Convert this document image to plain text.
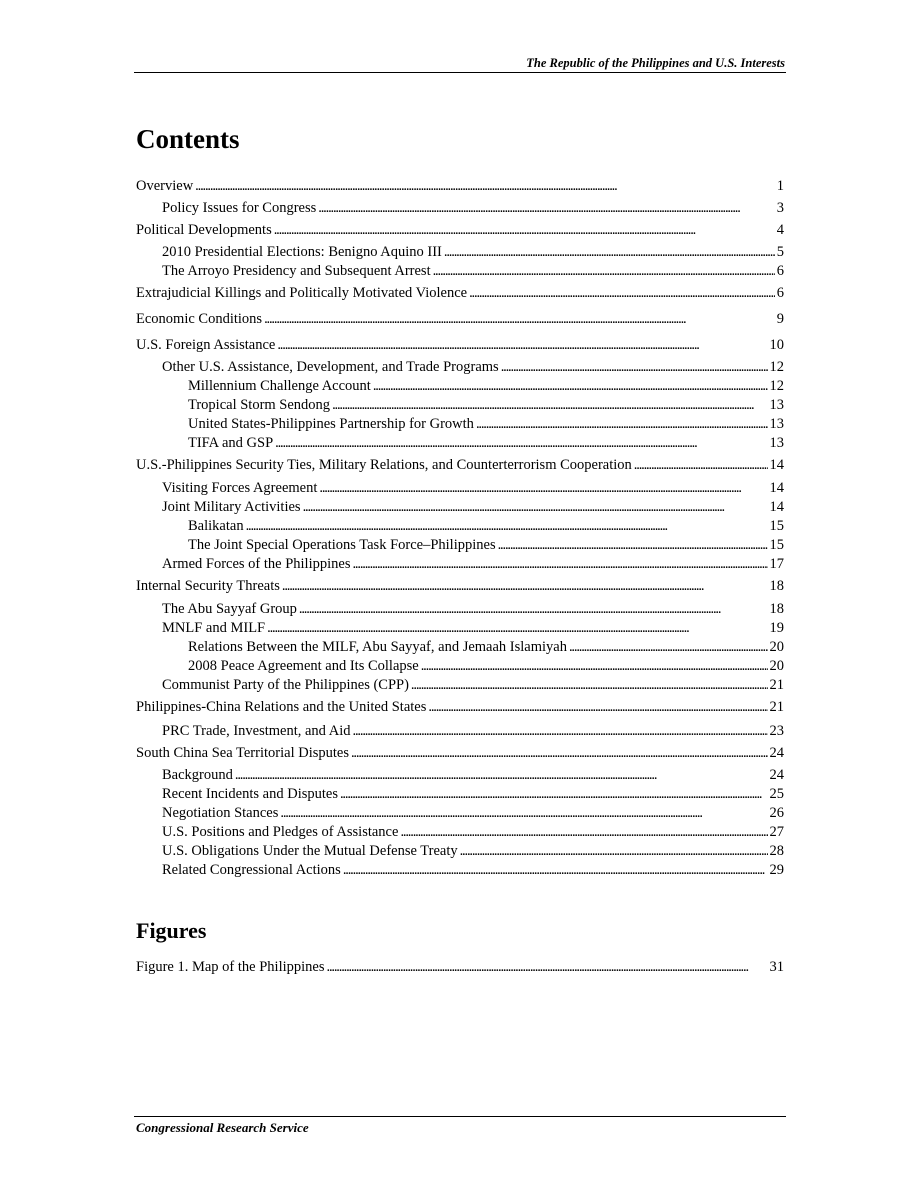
The Republic of the Philippines and U.S. Interests
Contents
Overview . . .	1
Policy Issues for Congress . . .	3
Political Developments . . .	4
2010 Presidential Elections: Benigno Aquino III . . .	5
The Arroyo Presidency and Subsequent Arrest . . .	6
Extrajudicial Killings and Politically Motivated Violence . . .	6
Economic Conditions . . .	9
U.S. Foreign Assistance . . .	10
Other U.S. Assistance, Development, and Trade Programs . . .	12
Millennium Challenge Account . . .	12
Tropical Storm Sendong . . .	13
United States-Philippines Partnership for Growth . . .	13
TIFA and GSP . . .	13
U.S.-Philippines Security Ties, Military Relations, and Counterterrorism Cooperation . . .	14
Visiting Forces Agreement . . .	14
Joint Military Activities . . .	14
Balikatan . . .	15
The Joint Special Operations Task Force–Philippines . . .	15
Armed Forces of the Philippines . . .	17
Internal Security Threats . . .	18
The Abu Sayyaf Group . . .	18
MNLF and MILF . . .	19
Relations Between the MILF, Abu Sayyaf, and Jemaah Islamiyah . . .	20
2008 Peace Agreement and Its Collapse . . .	20
Communist Party of the Philippines (CPP) . . .	21
Philippines-China Relations and the United States . . .	21
PRC Trade, Investment, and Aid . . .	23
South China Sea Territorial Disputes . . .	24
Background . . .	24
Recent Incidents and Disputes . . .	25
Negotiation Stances . . .	26
U.S. Positions and Pledges of Assistance . . .	27
U.S. Obligations Under the Mutual Defense Treaty . . .	28
Related Congressional Actions . . .	29
Figures
Figure 1. Map of the Philippines . . .	31
Congressional Research Service
